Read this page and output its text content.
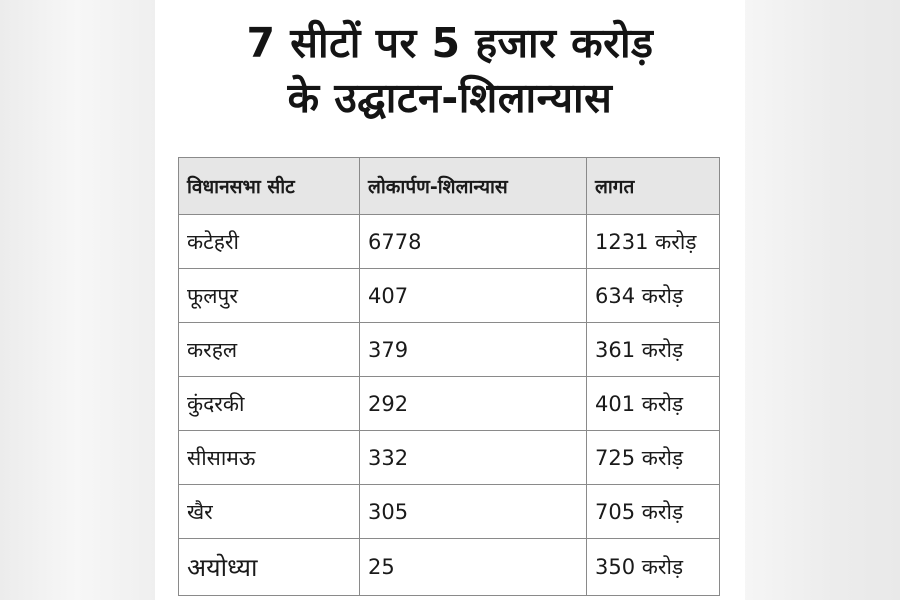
7 सीटों पर 5 हजार करोड़
के उद्घाटन-शिलान्यास
विधानसभा सीट	लोकार्पण-शिलान्यास	लागत
कटेहरी	6778	1231 करोड़
फूलपुर	407	634 करोड़
करहल	379	361 करोड़
कुंदरकी	292	401 करोड़
सीसामऊ	332	725 करोड़
खैर	305	705 करोड़
अयोध्या	25	350 करोड़
